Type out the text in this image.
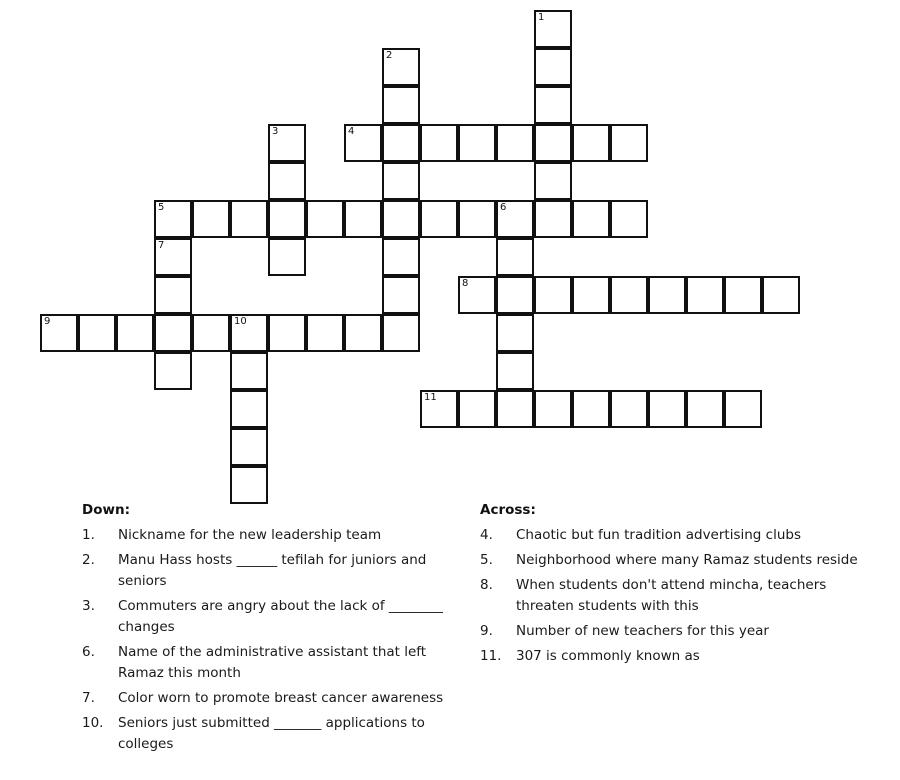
1
2
3	4
5	6
7
8
9	10
11
Down:
1.	Nickname for the new leadership team
2.	Manu Hass hosts ______ tefilah for juniors and seniors
3.	Commuters are angry about the lack of ________ changes
6.	Name of the administrative assistant that left Ramaz this month
7.	Color worn to promote breast cancer awareness
10.	Seniors just submitted _______ applications to colleges
Across:
4.	Chaotic but fun tradition advertising clubs
5.	Neighborhood where many Ramaz students reside
8.	When students don't attend mincha, teachers threaten students with this
9.	Number of new teachers for this year
11.	307 is commonly known as
